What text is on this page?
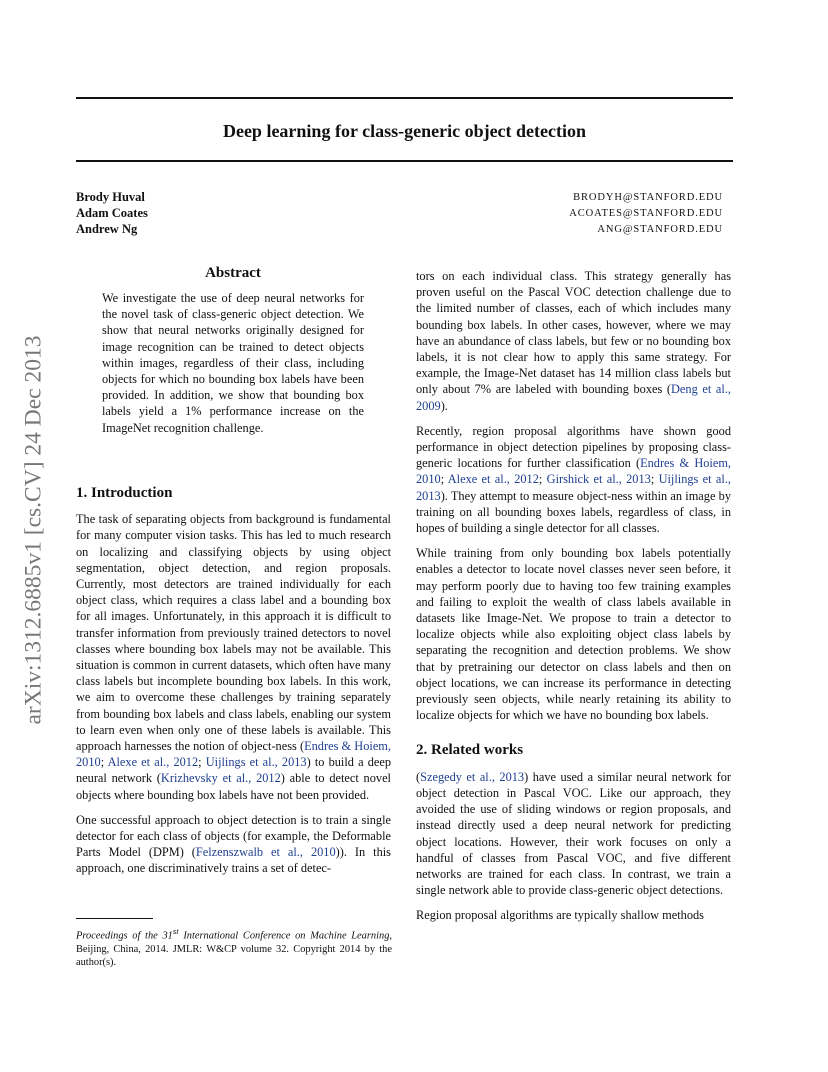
Deep learning for class-generic object detection
Brody Huval
Adam Coates
Andrew Ng
BRODYH@STANFORD.EDU
ACOATES@STANFORD.EDU
ANG@STANFORD.EDU
arXiv:1312.6885v1 [cs.CV] 24 Dec 2013
Abstract
We investigate the use of deep neural networks for the novel task of class-generic object detection. We show that neural networks originally designed for image recognition can be trained to detect objects within images, regardless of their class, including objects for which no bounding box labels have been provided. In addition, we show that bounding box labels yield a 1% performance increase on the ImageNet recognition challenge.
1. Introduction

The task of separating objects from background is fundamental for many computer vision tasks. This has led to much research on localizing and classifying objects by using object segmentation, object detection, and region proposals. Currently, most detectors are trained individually for each object class, which requires a class label and a bounding box for all images. Unfortunately, in this approach it is difficult to transfer information from previously trained detectors to novel classes where bounding box labels may not be available. This situation is common in current datasets, which often have many class labels but incomplete bounding box labels. In this work, we aim to overcome these challenges by training separately from bounding box labels and class labels, enabling our system to learn even when only one of these labels is available. This approach harnesses the notion of object-ness (Endres & Hoiem, 2010; Alexe et al., 2012; Uijlings et al., 2013) to build a deep neural network (Krizhevsky et al., 2012) able to detect novel objects where bounding box labels have not been provided.

One successful approach to object detection is to train a single detector for each class of objects (for example, the Deformable Parts Model (DPM) (Felzenszwalb et al., 2010)). In this approach, one discriminatively trains a set of detec-

Proceedings of the 31st International Conference on Machine Learning, Beijing, China, 2014. JMLR: W&CP volume 32. Copyright 2014 by the author(s).

tors on each individual class. This strategy generally has proven useful on the Pascal VOC detection challenge due to the limited number of classes, each of which includes many bounding box labels. In other cases, however, where we may have an abundance of class labels, but few or no bounding box labels, it is not clear how to apply this same strategy. For example, the Image-Net dataset has 14 million class labels but only about 7% are labeled with bounding boxes (Deng et al., 2009).

Recently, region proposal algorithms have shown good performance in object detection pipelines by proposing class-generic locations for further classification (Endres & Hoiem, 2010; Alexe et al., 2012; Girshick et al., 2013; Uijlings et al., 2013). They attempt to measure object-ness within an image by training on all bounding boxes labels, regardless of class, in hopes of building a single detector for all classes.

While training from only bounding box labels potentially enables a detector to locate novel classes never seen before, it may perform poorly due to having too few training examples and failing to exploit the wealth of class labels available in datasets like Image-Net. We propose to train a detector to localize objects while also exploiting object class labels by separating the recognition and detection problems. We show that by pretraining our detector on class labels and then on object locations, we can increase its performance in detecting previously seen objects, while nearly retaining its ability to localize objects for which we have no bounding box labels.

2. Related works

(Szegedy et al., 2013) have used a similar neural network for object detection in Pascal VOC. Like our approach, they avoided the use of sliding windows or region proposals, and instead directly used a deep neural network for predicting object locations. However, their work focuses on only a handful of classes from Pascal VOC, and five different networks are trained for each class. In contrast, we train a single network able to provide class-generic object detections.

Region proposal algorithms are typically shallow methods
